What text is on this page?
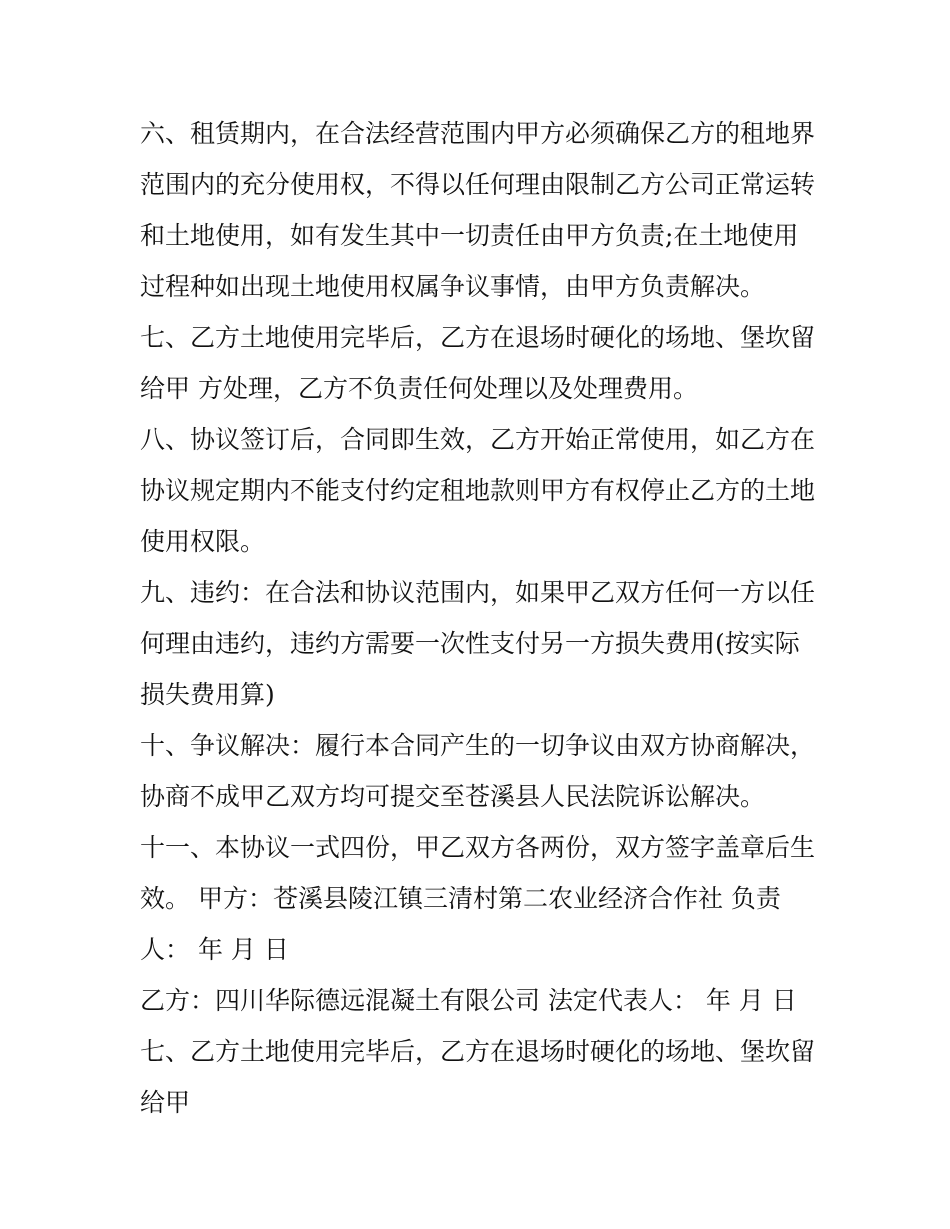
六、租赁期内，在合法经营范围内甲方必须确保乙方的租地界
范围内的充分使用权，不得以任何理由限制乙方公司正常运转
和土地使用，如有发生其中一切责任由甲方负责;在土地使用
过程种如出现土地使用权属争议事情，由甲方负责解决。
七、乙方土地使用完毕后，乙方在退场时硬化的场地、堡坎留
给甲 方处理，乙方不负责任何处理以及处理费用。
八、协议签订后，合同即生效，乙方开始正常使用，如乙方在
协议规定期内不能支付约定租地款则甲方有权停止乙方的土地
使用权限。
九、违约：在合法和协议范围内，如果甲乙双方任何一方以任
何理由违约，违约方需要一次性支付另一方损失费用(按实际
损失费用算)
十、争议解决：履行本合同产生的一切争议由双方协商解决，
协商不成甲乙双方均可提交至苍溪县人民法院诉讼解决。
十一、本协议一式四份，甲乙双方各两份，双方签字盖章后生
效。 甲方：苍溪县陵江镇三清村第二农业经济合作社 负责
人： 年 月 日
乙方：四川华际德远混凝土有限公司 法定代表人： 年 月 日
七、乙方土地使用完毕后，乙方在退场时硬化的场地、堡坎留
给甲
